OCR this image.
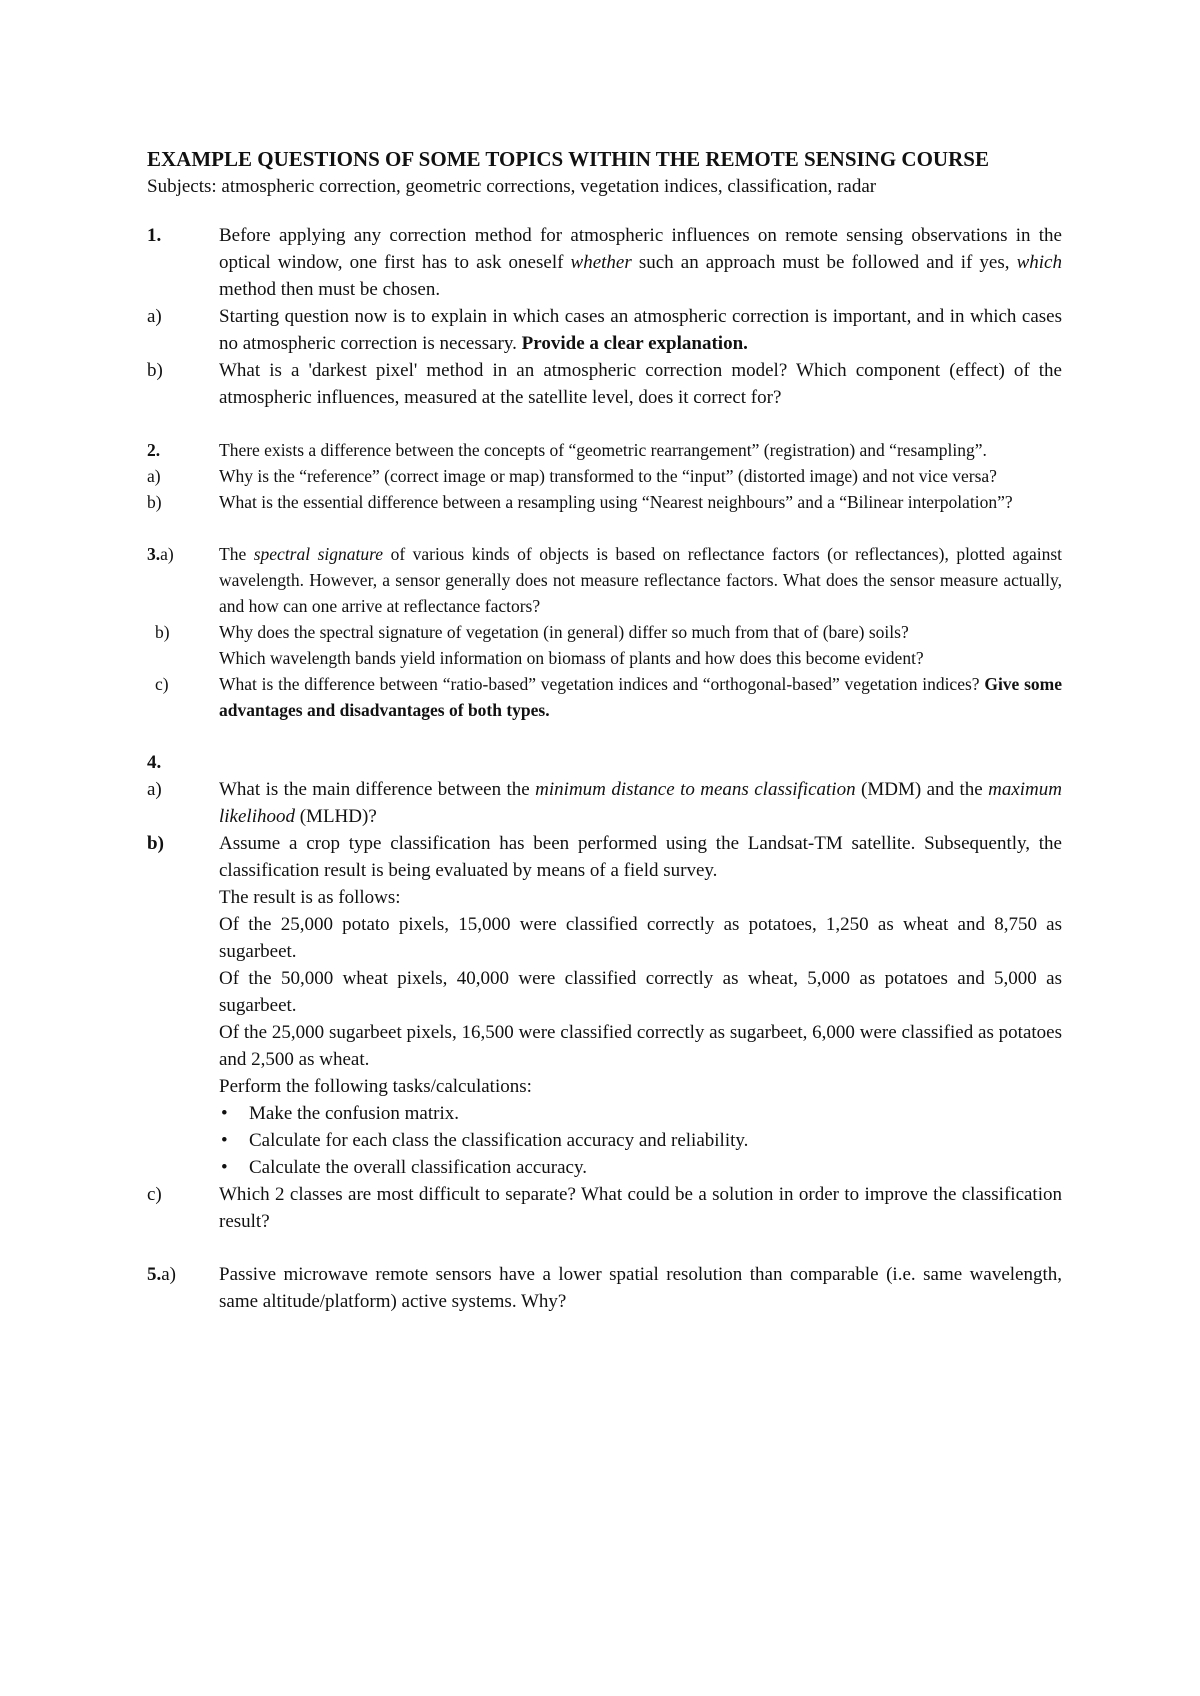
EXAMPLE QUESTIONS OF SOME TOPICS WITHIN THE REMOTE SENSING COURSE

Subjects: atmospheric correction, geometric corrections, vegetation indices, classification, radar

1.	Before applying any correction method for atmospheric influences on remote sensing observations in the optical window, one first has to ask oneself whether such an approach must be followed and if yes, which method then must be chosen.
a)	Starting question now is to explain in which cases an atmospheric correction is important, and in which cases no atmospheric correction is necessary. Provide a clear explanation.
b)	What is a 'darkest pixel' method in an atmospheric correction model? Which component (effect) of the atmospheric influences, measured at the satellite level, does it correct for?
2.	There exists a difference between the concepts of “geometric rearrangement” (registration) and “resampling”.
a)	Why is the “reference” (correct image or map) transformed to the “input” (distorted image) and not vice versa?
b)	What is the essential difference between a resampling using “Nearest neighbours” and a “Bilinear interpolation”?
3.a)	The spectral signature of various kinds of objects is based on reflectance factors (or reflectances), plotted against wavelength. However, a sensor generally does not measure reflectance factors. What does the sensor measure actually, and how can one arrive at reflectance factors?
b)	Why does the spectral signature of vegetation (in general) differ so much from that of (bare) soils?
Which wavelength bands yield information on biomass of plants and how does this become evident?
c)	What is the difference between “ratio-based” vegetation indices and “orthogonal-based” vegetation indices? Give some advantages and disadvantages of both types.
4.
a)	What is the main difference between the minimum distance to means classification (MDM) and the maximum likelihood (MLHD)?
b)	Assume a crop type classification has been performed using the Landsat-TM satellite. Subsequently, the classification result is being evaluated by means of a field survey.
The result is as follows:
Of the 25,000 potato pixels, 15,000 were classified correctly as potatoes, 1,250 as wheat and 8,750 as sugarbeet.
Of the 50,000 wheat pixels, 40,000 were classified correctly as wheat, 5,000 as potatoes and 5,000 as sugarbeet.
Of the 25,000 sugarbeet pixels, 16,500 were classified correctly as sugarbeet, 6,000 were classified as potatoes and 2,500 as wheat.
Perform the following tasks/calculations:
•	Make the confusion matrix.
•	Calculate for each class the classification accuracy and reliability.
•	Calculate the overall classification accuracy.
c)	Which 2 classes are most difficult to separate? What could be a solution in order to improve the classification result?
5.a)	Passive microwave remote sensors have a lower spatial resolution than comparable (i.e. same wavelength, same altitude/platform) active systems. Why?
